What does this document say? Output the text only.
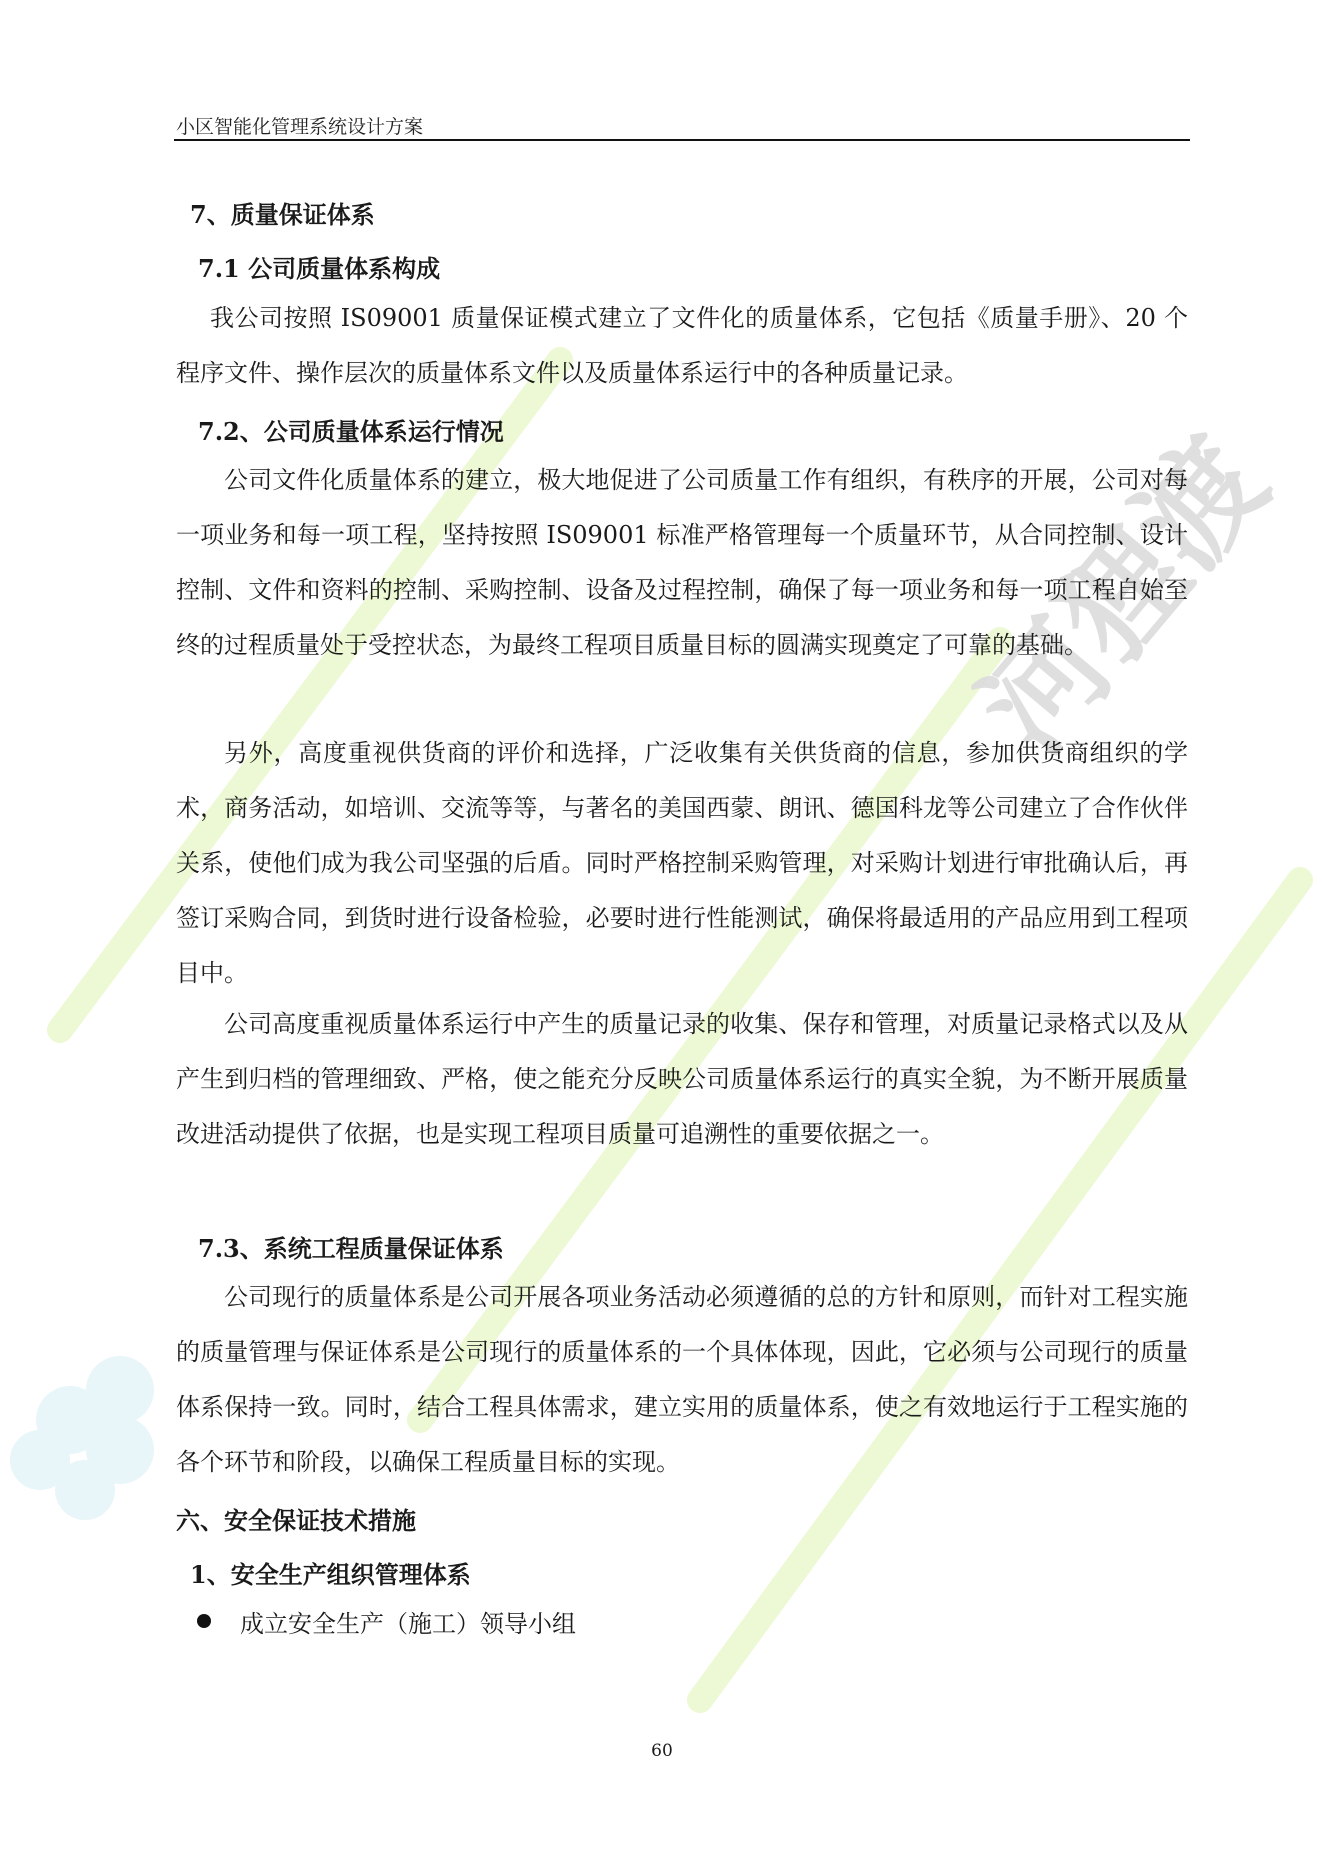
河狸渡
小区智能化管理系统设计方案
7、质量保证体系
7.1 公司质量体系构成
我公司按照 IS09001 质量保证模式建立了文件化的质量体系，它包括《质量手册》、20 个程序文件、操作层次的质量体系文件以及质量体系运行中的各种质量记录。
7.2、公司质量体系运行情况
公司文件化质量体系的建立，极大地促进了公司质量工作有组织，有秩序的开展，公司对每一项业务和每一项工程，坚持按照 IS09001 标准严格管理每一个质量环节，从合同控制、设计控制、文件和资料的控制、采购控制、设备及过程控制，确保了每一项业务和每一项工程自始至终的过程质量处于受控状态，为最终工程项目质量目标的圆满实现奠定了可靠的基础。
另外，高度重视供货商的评价和选择，广泛收集有关供货商的信息，参加供货商组织的学术，商务活动，如培训、交流等等，与著名的美国西蒙、朗讯、德国科龙等公司建立了合作伙伴关系，使他们成为我公司坚强的后盾。同时严格控制采购管理，对采购计划进行审批确认后，再签订采购合同，到货时进行设备检验，必要时进行性能测试，确保将最适用的产品应用到工程项目中。
公司高度重视质量体系运行中产生的质量记录的收集、保存和管理，对质量记录格式以及从产生到归档的管理细致、严格，使之能充分反映公司质量体系运行的真实全貌，为不断开展质量改进活动提供了依据，也是实现工程项目质量可追溯性的重要依据之一。
7.3、系统工程质量保证体系
公司现行的质量体系是公司开展各项业务活动必须遵循的总的方针和原则，而针对工程实施的质量管理与保证体系是公司现行的质量体系的一个具体体现，因此，它必须与公司现行的质量体系保持一致。同时，结合工程具体需求，建立实用的质量体系，使之有效地运行于工程实施的各个环节和阶段，以确保工程质量目标的实现。
六、安全保证技术措施
1、安全生产组织管理体系
成立安全生产（施工）领导小组
60
